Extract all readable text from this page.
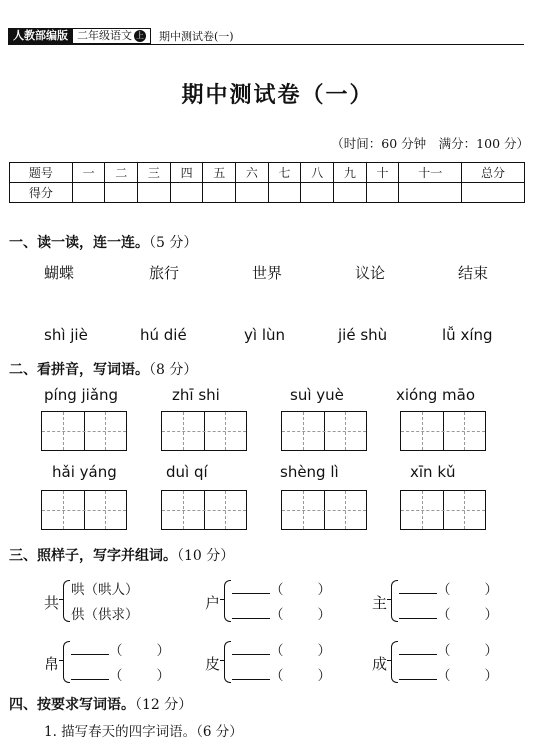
人教部编版 二年级语文 上 期中测试卷(一)
期中测试卷（一）
（时间：60 分钟　满分：100 分）
题号	一	二	三	四	五	六	七	八	九	十	十一	总分
得分												
一、读一读，连一连。（5 分）
蝴蝶	旅行	世界	议论	结束
shì jiè	hú dié	yì lùn	jié shù	lǚ xíng
二、看拼音，写词语。（8 分）
píng jiǎng	zhī shi	suì yuè	xióng māo
hǎi yáng	duì qí	shèng lì	xīn kǔ
三、照样子，写字并组词。（10 分）
共
哄（哄人）
供（供求）
户
（	）
（	）
主
（	）
（	）
帛
（	）
（	）
皮
（	）
（	）
成
（	）
（	）
四、按要求写词语。（12 分）
1. 描写春天的四字词语。（6 分）
